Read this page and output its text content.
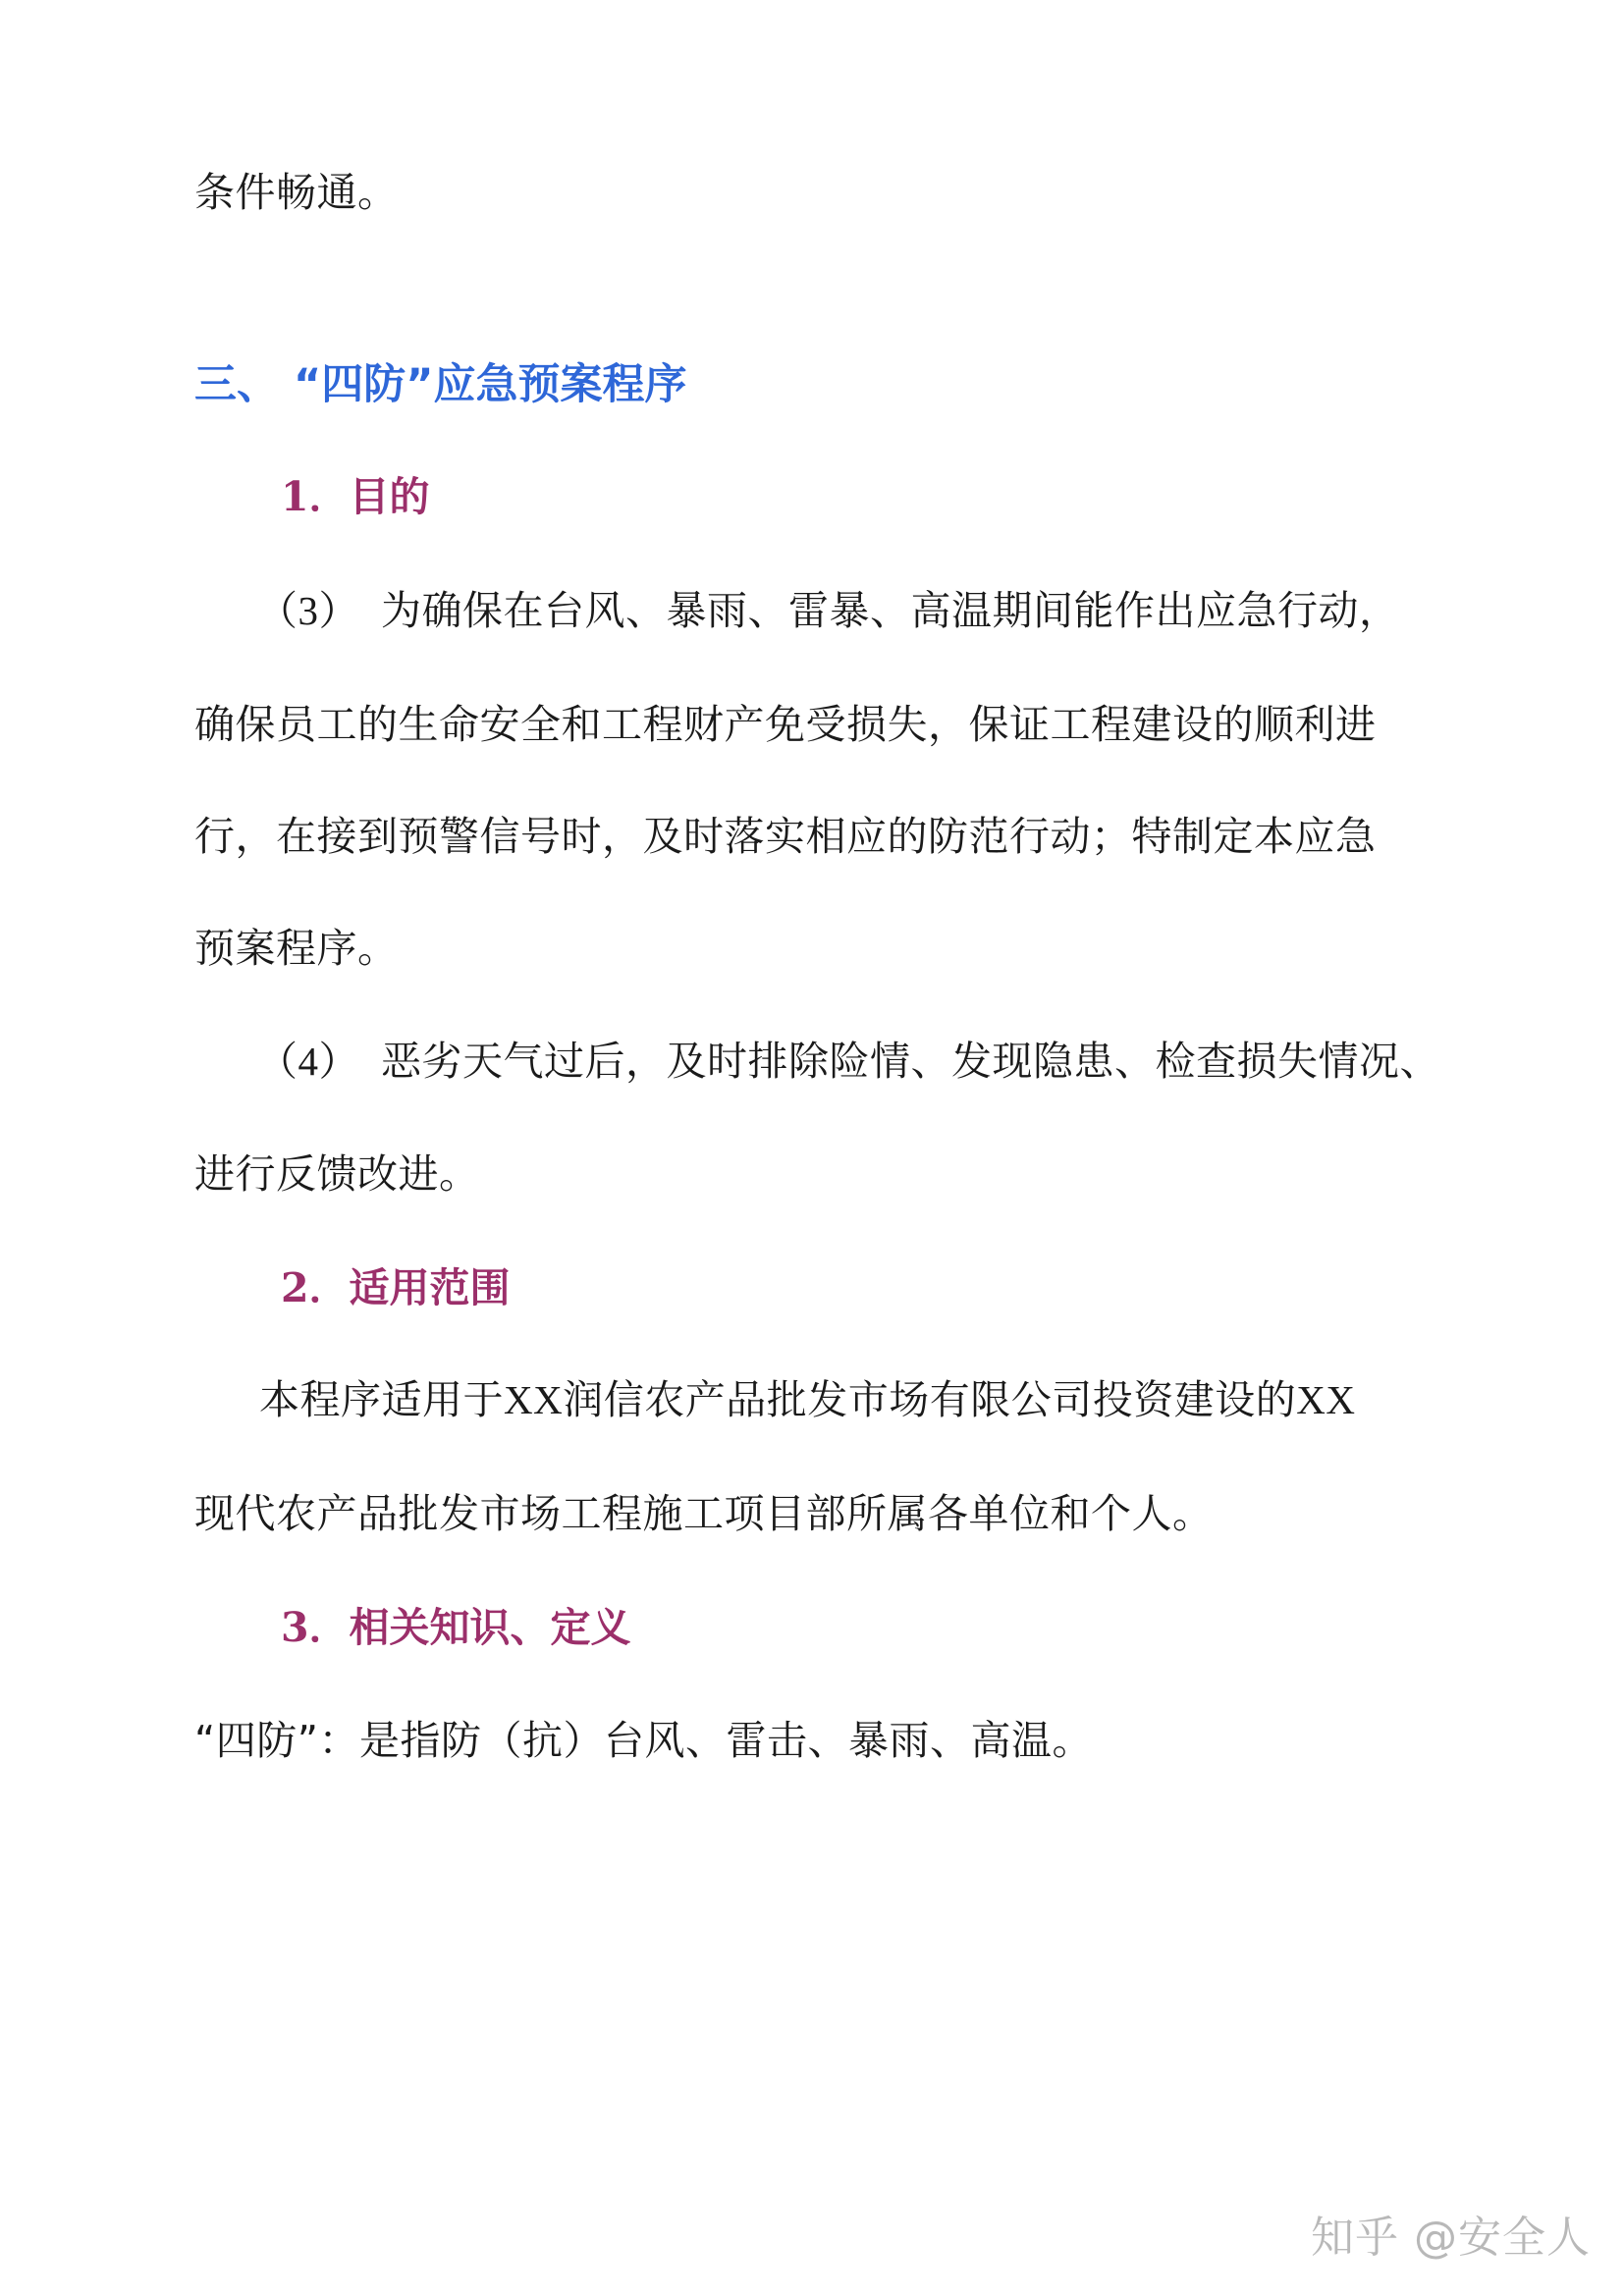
条件畅通。
三、 “四防”应急预案程序
1．目的
（3） 为确保在台风、暴雨、雷暴、高温期间能作出应急行动，
确保员工的生命安全和工程财产免受损失，保证工程建设的顺利进
行，在接到预警信号时，及时落实相应的防范行动；特制定本应急
预案程序。
（4） 恶劣天气过后，及时排除险情、发现隐患、检查损失情况、
进行反馈改进。
2．适用范围
本程序适用于XX润信农产品批发市场有限公司投资建设的XX
现代农产品批发市场工程施工项目部所属各单位和个人。
3．相关知识、定义
“四防”：是指防（抗）台风、雷击、暴雨、高温。
知乎 @安全人
